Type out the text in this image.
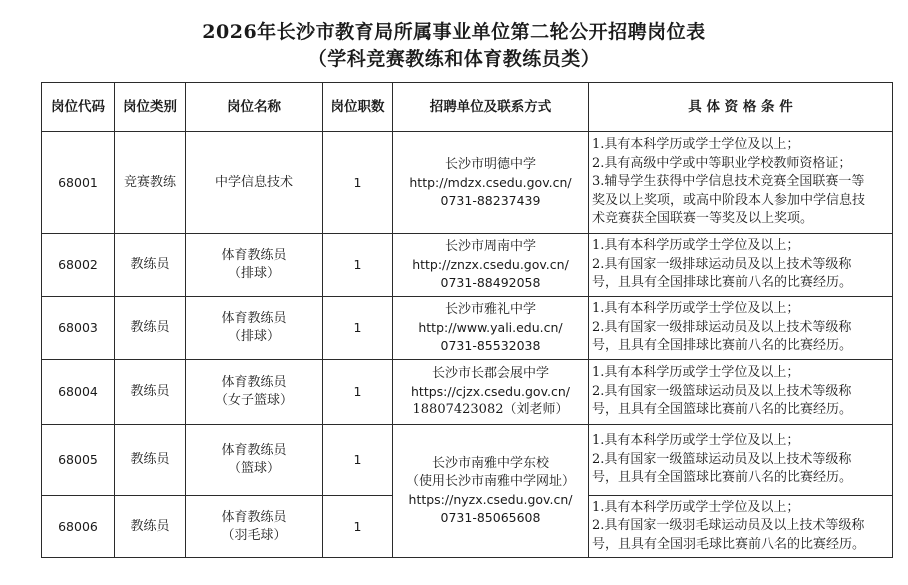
2026年长沙市教育局所属事业单位第二轮公开招聘岗位表
（学科竞赛教练和体育教练员类）
岗位代码	岗位类别	岗位名称	岗位职数	招聘单位及联系方式	具 体 资 格 条 件
68001	竞赛教练	中学信息技术	1	长沙市明德中学
http://mdzx.csedu.gov.cn/
0731-88237439	1.具有本科学历或学士学位及以上；
2.具有高级中学或中等职业学校教师资格证；
3.辅导学生获得中学信息技术竞赛全国联赛一等
奖及以上奖项，或高中阶段本人参加中学信息技
术竞赛获全国联赛一等奖及以上奖项。

68002	教练员	体育教练员
（排球）	1	长沙市周南中学
http://znzx.csedu.gov.cn/
0731-88492058	1.具有本科学历或学士学位及以上；
2.具有国家一级排球运动员及以上技术等级称
号，且具有全国排球比赛前八名的比赛经历。

68003	教练员	体育教练员
（排球）	1	长沙市雅礼中学
http://www.yali.edu.cn/
0731-85532038	1.具有本科学历或学士学位及以上；
2.具有国家一级排球运动员及以上技术等级称
号，且具有全国排球比赛前八名的比赛经历。

68004	教练员	体育教练员
（女子篮球）	1	长沙市长郡会展中学
https://cjzx.csedu.gov.cn/
18807423082（刘老师）	1.具有本科学历或学士学位及以上；
2.具有国家一级篮球运动员及以上技术等级称
号，且具有全国篮球比赛前八名的比赛经历。

68005	教练员	体育教练员
（篮球）	1	长沙市南雅中学东校
（使用长沙市南雅中学网址）
https://nyzx.csedu.gov.cn/
0731-85065608	1.具有本科学历或学士学位及以上；
2.具有国家一级篮球运动员及以上技术等级称
号，且具有全国篮球比赛前八名的比赛经历。

68006	教练员	体育教练员
（羽毛球）	1		1.具有本科学历或学士学位及以上；
2.具有国家一级羽毛球运动员及以上技术等级称
号，且具有全国羽毛球比赛前八名的比赛经历。
